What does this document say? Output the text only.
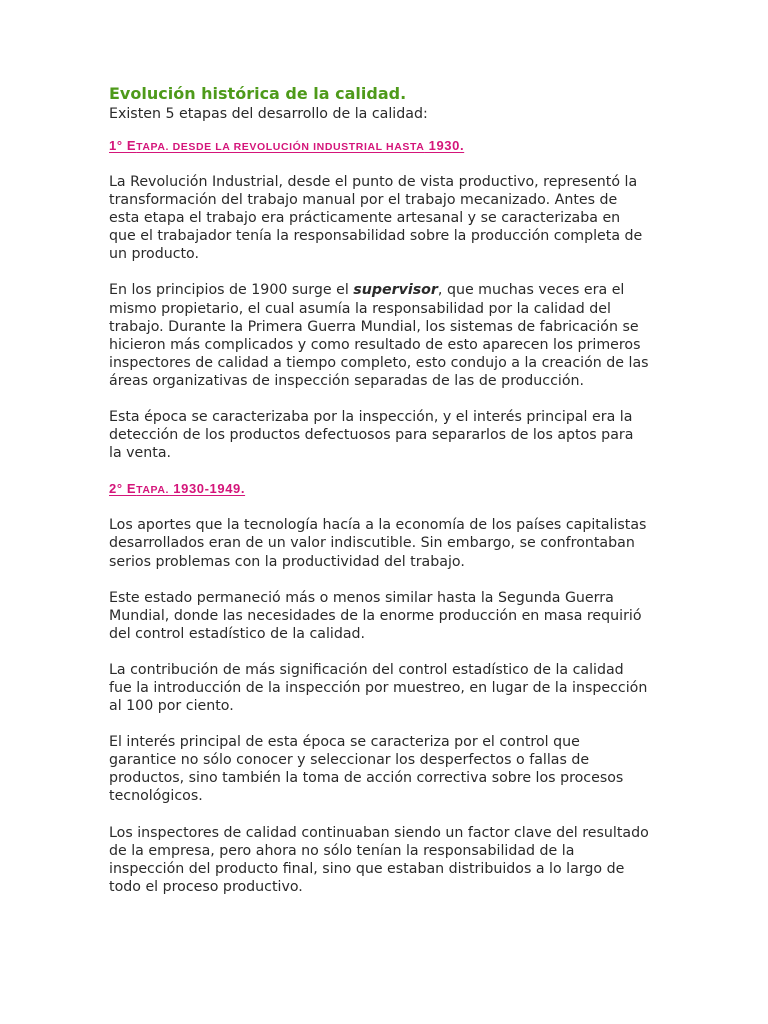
Evolución histórica de la calidad.

Existen 5 etapas del desarrollo de la calidad:

1° ETAPA. DESDE LA REVOLUCIÓN INDUSTRIAL HASTA 1930.

La Revolución Industrial, desde el punto de vista productivo, representó la transformación del trabajo manual por el trabajo mecanizado. Antes de esta etapa el trabajo era prácticamente artesanal y se caracterizaba en que el trabajador tenía la responsabilidad sobre la producción completa de un producto.

En los principios de 1900 surge el supervisor, que muchas veces era el mismo propietario, el cual asumía la responsabilidad por la calidad del trabajo. Durante la Primera Guerra Mundial, los sistemas de fabricación se hicieron más complicados y como resultado de esto aparecen los primeros inspectores de calidad a tiempo completo, esto condujo a la creación de las áreas organizativas de inspección separadas de las de producción.

Esta época se caracterizaba por la inspección, y el interés principal era la detección de los productos defectuosos para separarlos de los aptos para la venta.

2° ETAPA. 1930-1949.

Los aportes que la tecnología hacía a la economía de los países capitalistas desarrollados eran de un valor indiscutible. Sin embargo, se confrontaban serios problemas con la productividad del trabajo.

Este estado permaneció más o menos similar hasta la Segunda Guerra Mundial, donde las necesidades de la enorme producción en masa requirió del control estadístico de la calidad.

La contribución de más significación del control estadístico de la calidad fue la introducción de la inspección por muestreo, en lugar de la inspección al 100 por ciento.

El interés principal de esta época se caracteriza por el control que garantice no sólo conocer y seleccionar los desperfectos o fallas de productos, sino también la toma de acción correctiva sobre los procesos tecnológicos.

Los inspectores de calidad continuaban siendo un factor clave del resultado de la empresa, pero ahora no sólo tenían la responsabilidad de la inspección del producto final, sino que estaban distribuidos a lo largo de todo el proceso productivo.
